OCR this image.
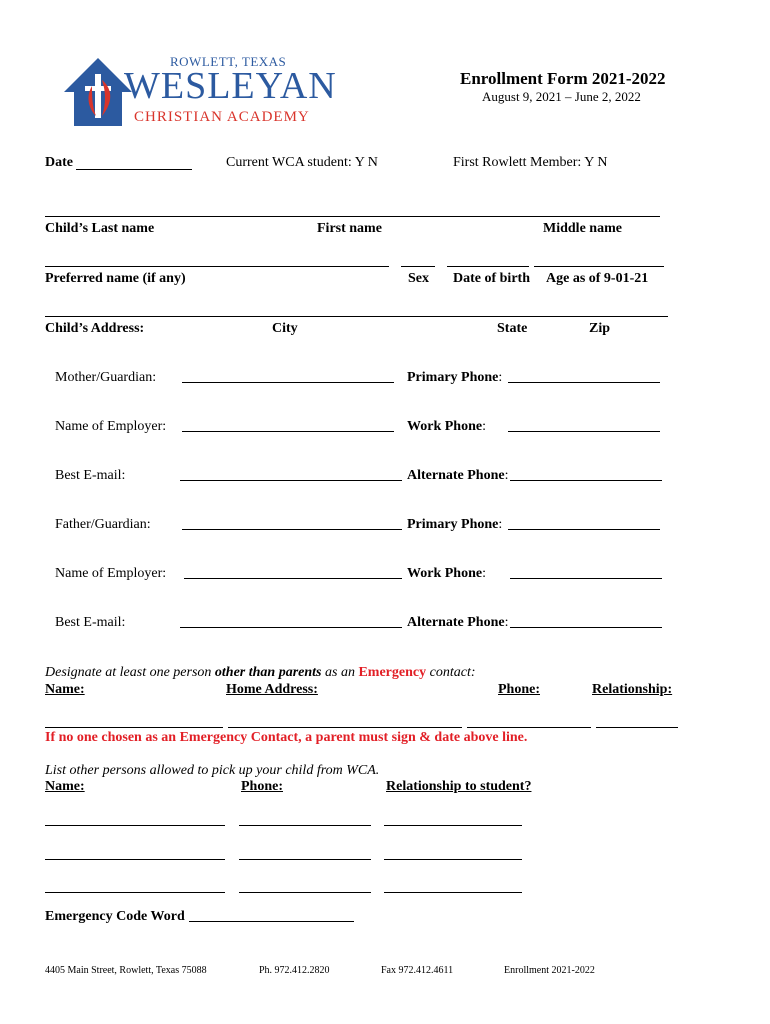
ROWLETT, TEXAS
WESLEYAN
CHRISTIAN ACADEMY
Enrollment Form 2021-2022
August 9, 2021 – June 2, 2022
Date	Current WCA student: Y N	First Rowlett Member: Y N
Child’s Last name	First name	Middle name
Preferred name (if any)	Sex Date of birth Age as of 9-01-21
Child’s Address:	City	State	Zip
Mother/Guardian:	Primary Phone:
Name of Employer:	Work Phone:
Best E-mail:	Alternate Phone:
Father/Guardian:	Primary Phone:
Name of Employer:	Work Phone:
Best E-mail:	Alternate Phone:
Designate at least one person other than parents as an Emergency contact:
Name:	Home Address:	Phone:	Relationship:
If no one chosen as an Emergency Contact, a parent must sign & date above line.
List other persons allowed to pick up your child from WCA.
Name:	Phone:	Relationship to student?
Emergency Code Word
4405 Main Street, Rowlett, Texas 75088	Ph. 972.412.2820	Fax 972.412.4611	Enrollment 2021-2022
